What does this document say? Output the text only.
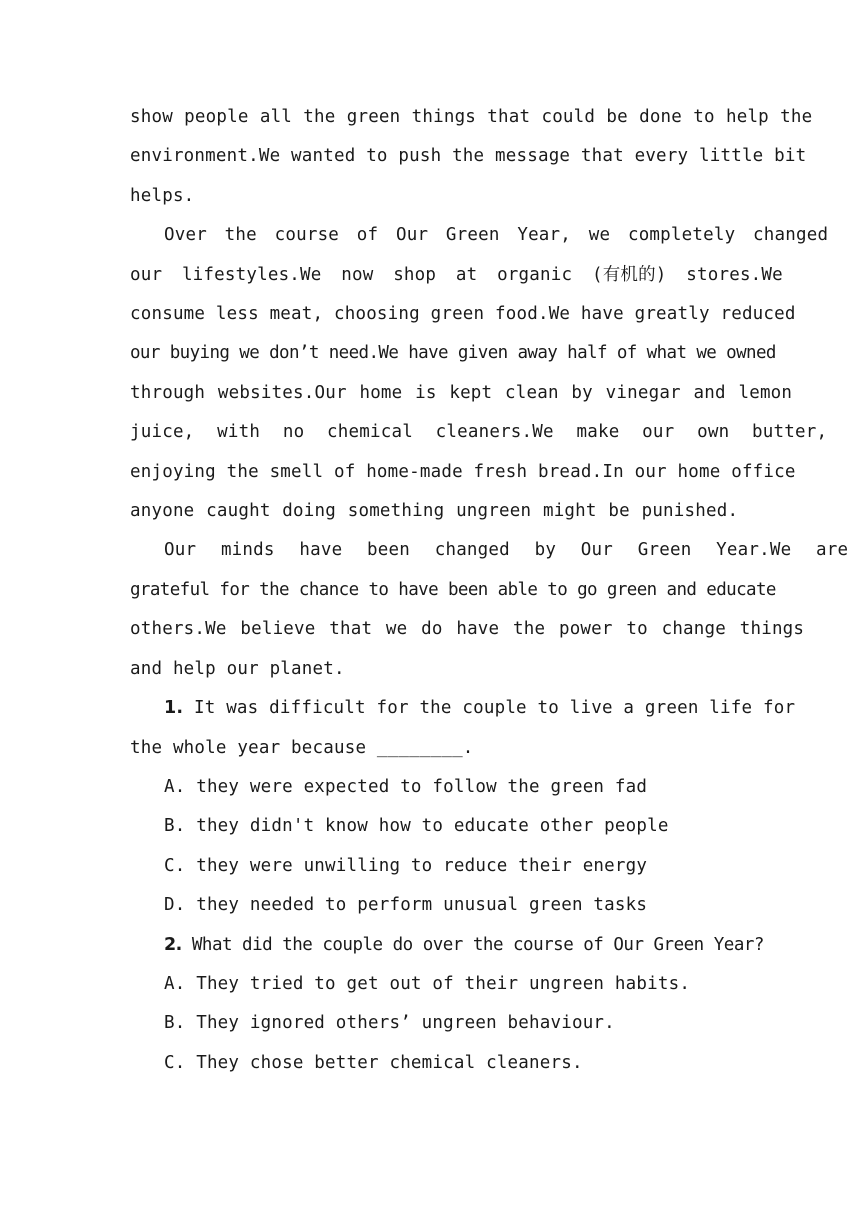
show people all the green things that could be done to help the
environment.We wanted to push the message that every little bit
helps.
Over the course of Our Green Year, we completely changed
our lifestyles.We now shop at organic (有机的) stores.We
consume less meat, choosing green food.We have greatly reduced
our buying we don’t need.We have given away half of what we owned
through websites.Our home is kept clean by vinegar and lemon
juice, with no chemical cleaners.We make our own butter,
enjoying the smell of home-made fresh bread.In our home office
anyone caught doing something ungreen might be punished.
Our minds have been changed by Our Green Year.We are
grateful for the chance to have been able to go green and educate
others.We believe that we do have the power to change things
and help our planet.
1. It was difficult for the couple to live a green life for
the whole year because ________.
A. they were expected to follow the green fad
B. they didn't know how to educate other people
C. they were unwilling to reduce their energy
D. they needed to perform unusual green tasks
2. What did the couple do over the course of Our Green Year?
A. They tried to get out of their ungreen habits.
B. They ignored others’ ungreen behaviour.
C. They chose better chemical cleaners.
